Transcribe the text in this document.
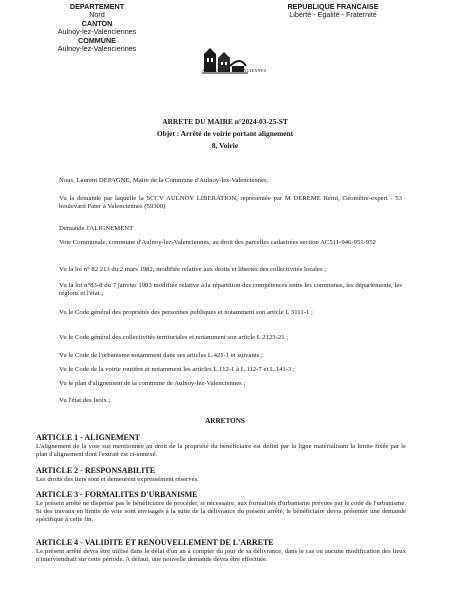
DEPARTEMENT
Nord
CANTON
Aulnoy-lez-Valenciennes
COMMUNE
Aulnoy-lez-Valenciennes
REPUBLIQUE FRANCAISE
Liberté - Egalité - Fraternité
AULNOY LEZ VALENCIENNES
ARRETE DU MAIRE n°2024-03-25-ST
Objet : Arrêté de voirie portant alignement
8, Voirie
Nous, Laurent DEPAGNE, Maire de la Commune d'Aulnoy-lez-Valenciennes.
Vu la demande par laquelle la SCCV AULNOY LIBERATION, représentée par M DEREME Rémi, Géomètre-expert - 53 boulevard Pater à Valenciennes (59300)
Demande l'ALIGNEMENT
Voie Communale, commune d'Aulnoy-lez-Valenciennes, au droit des parcelles cadastrées section AC511-946-951-952
Vu la loi n° 82 213 du 2 mars 1982, modifiée relative aux droits et libertés des collectivités locales ;
Vu la loi n°83-8 du 7 janvier 1983 modifiée relative à la répartition des compétences entre les communes, les départements, les régions et l'état ;
Vu le Code général des propriétés des personnes publiques et notamment son article L 3111-1 ;
Vu le Code général des collectivités territoriales et notamment son article L 2123-21 ;
Vu le Code de l'urbanisme notamment dans ses articles L.421-1 et suivants ;
Vu le Code de la voirie routière et notamment les articles L.112-1 à L.112-7 et L.141-3 ;
Vu le plan d'alignement de la commune de Aulnoy-lez-Valenciennes ;
Vu l'état des lieux ;
ARRETONS
ARTICLE 1 - ALIGNEMENT
L'alignement de la voie sus mentionnée au droit de la propriété du bénéficiaire est défini par la ligne matérialisant la limite fixée par le plan d'alignement dont l'extrait est ci-annexé.
ARTICLE 2 - RESPONSABILITE
Les droits des tiers sont et demeurent expressément réservés.
ARTICLE 3 - FORMALITES D'URBANISME
Le présent arrêté ne dispense pas le bénéficiaire de procéder, si nécessaire, aux formalités d'urbanisme prévues par le code de l'urbanisme. Si des travaux en limite de voie sont envisagés à la suite de la délivrance du présent arrêté, le bénéficiaire devra présenter une demande spécifique à cette fin.
ARTICLE 4 - VALIDITE ET RENOUVELLEMENT DE L'ARRETE
Le présent arrêté devra être utilisé dans le délai d'un an à compter du jour de sa délivrance, dans le cas ou aucune modification des lieux n'interviendrait sur cette période. A défaut, une nouvelle demande devra être effectuée.
